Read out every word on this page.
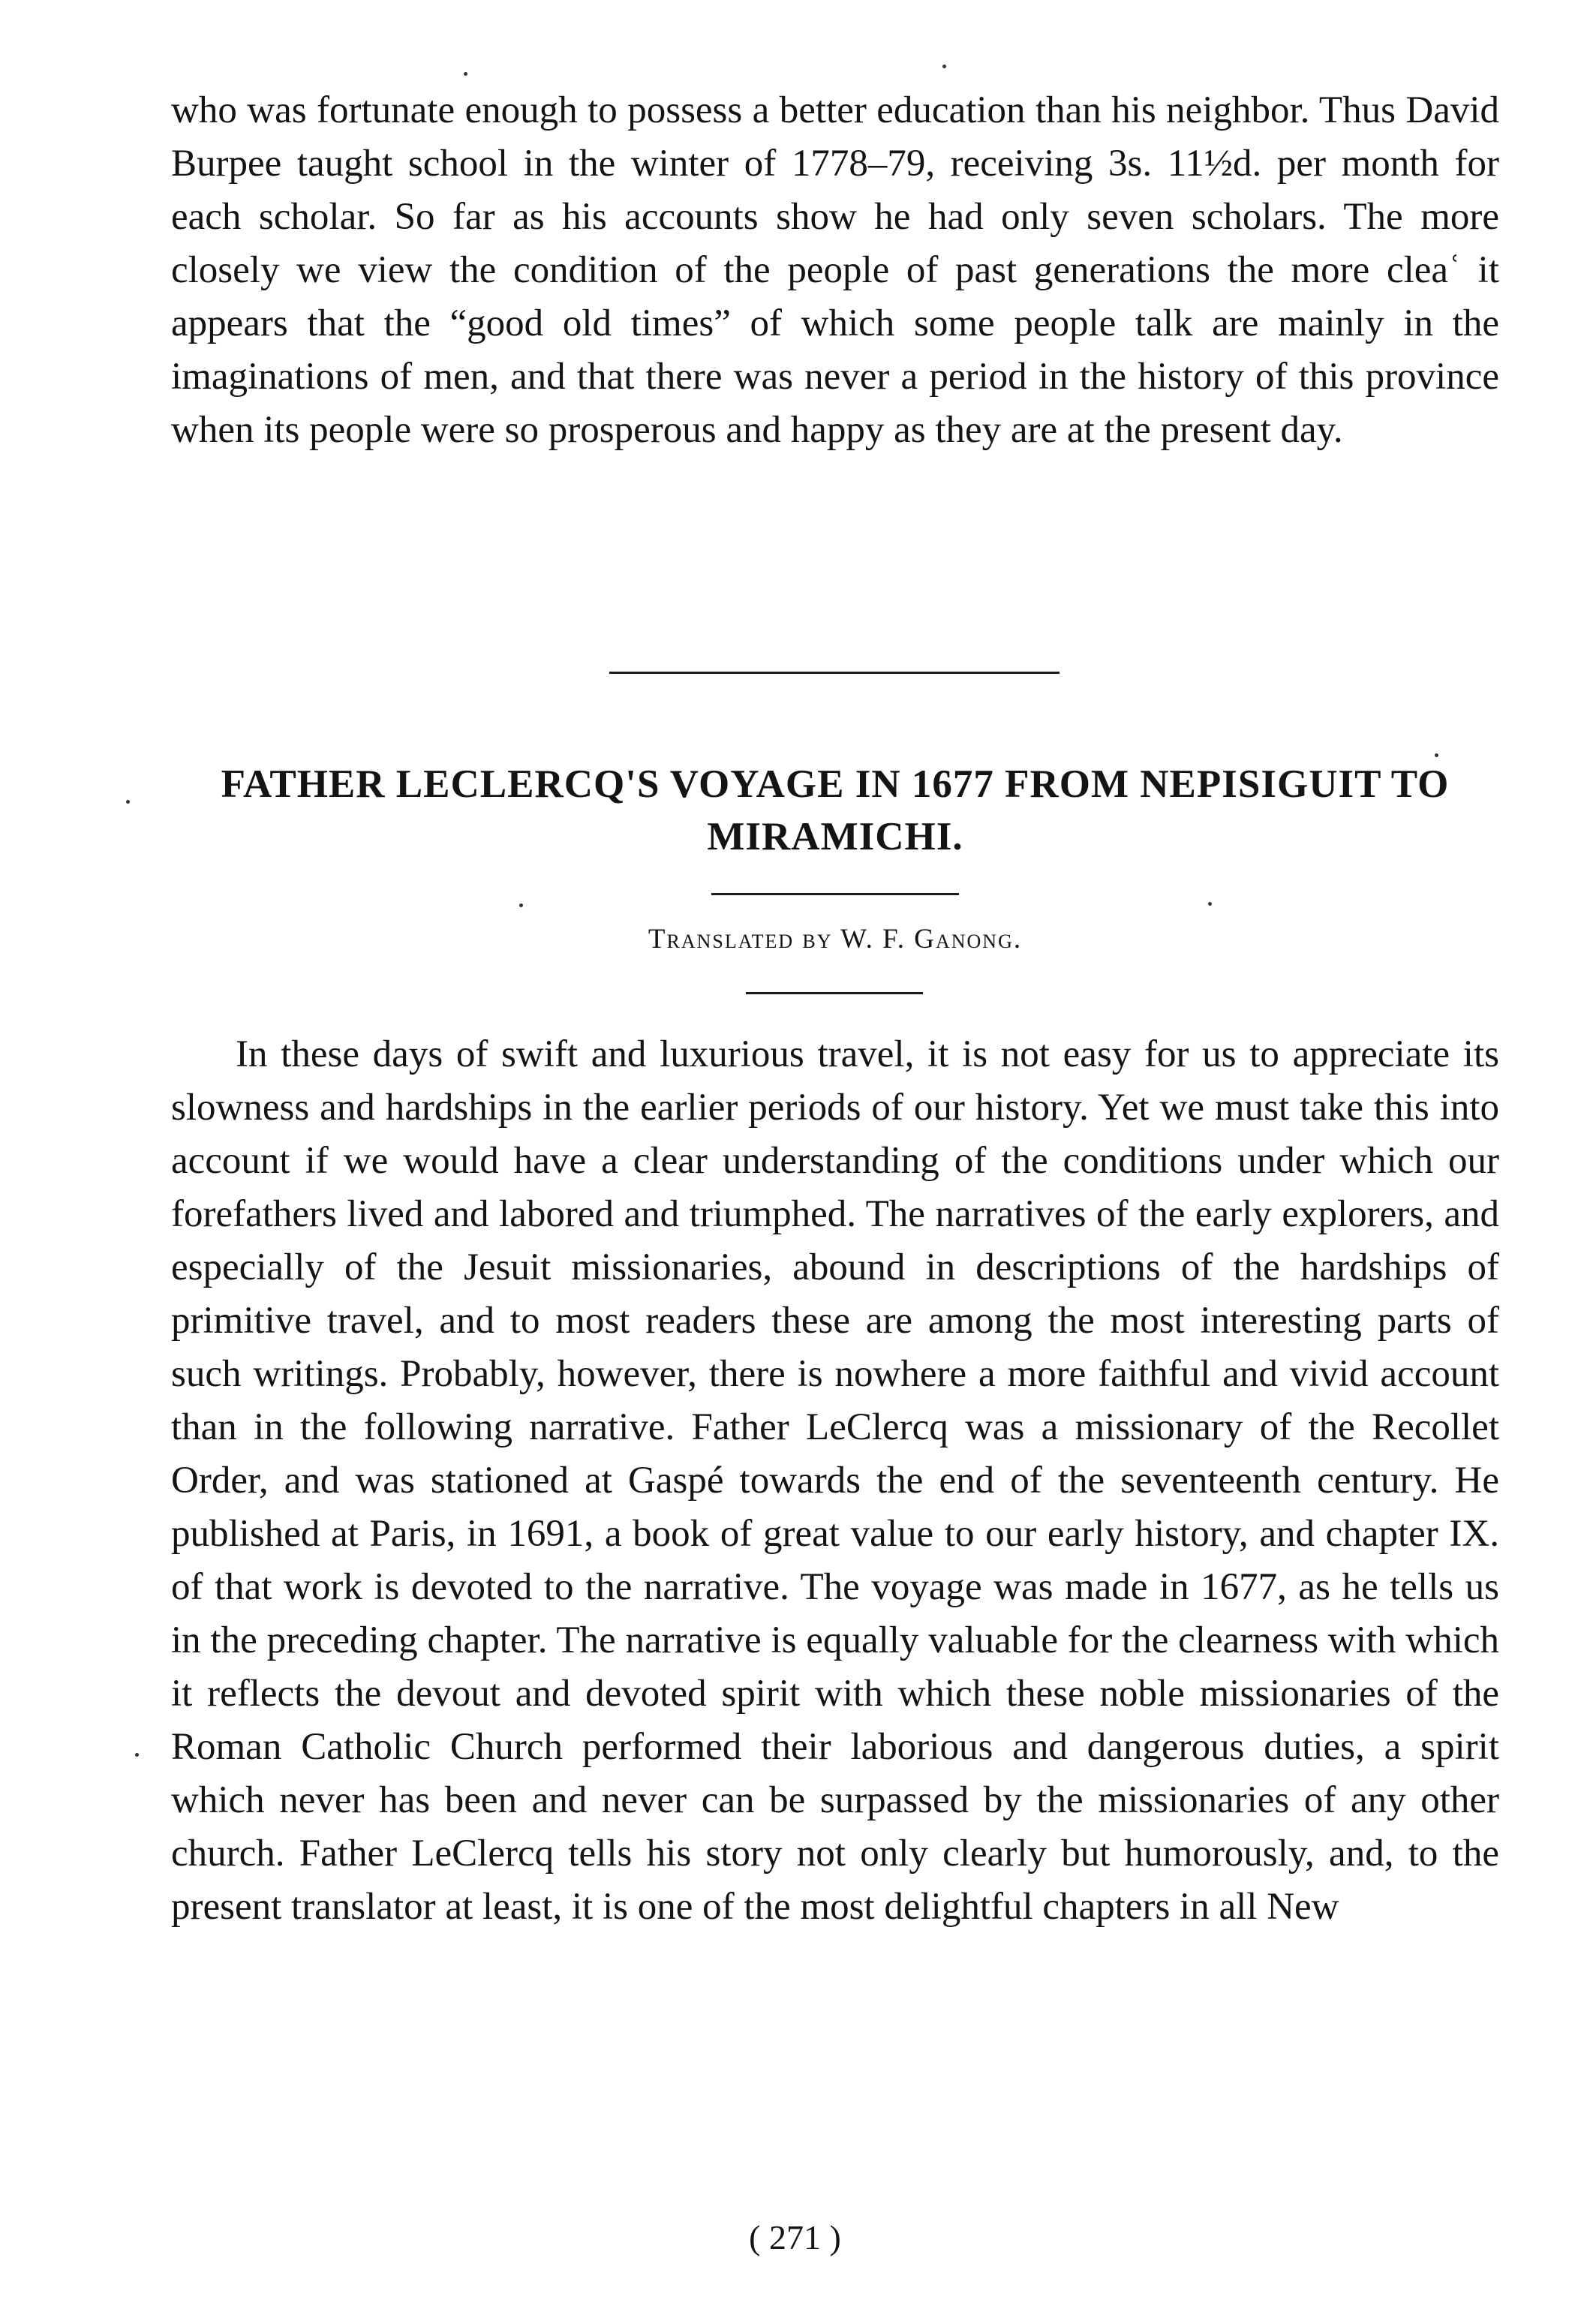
who was fortunate enough to possess a better education than his neighbor. Thus David Burpee taught school in the winter of 1778–79, receiving 3s. 11½d. per month for each scholar. So far as his accounts show he had only seven scholars. The more closely we view the condition of the people of past generations the more cleaʿ it appears that the “good old times” of which some people talk are mainly in the imaginations of men, and that there was never a period in the history of this province when its people were so prosperous and happy as they are at the present day.

FATHER LECLERCQ'S VOYAGE IN 1677 FROM NEPISIGUIT TO MIRAMICHI.

Translated by W. F. Ganong.

In these days of swift and luxurious travel, it is not easy for us to appreciate its slowness and hardships in the earlier periods of our history. Yet we must take this into account if we would have a clear understanding of the conditions under which our forefathers lived and labored and triumphed. The narratives of the early explorers, and especially of the Jesuit missionaries, abound in descriptions of the hardships of primitive travel, and to most readers these are among the most interesting parts of such writings. Probably, however, there is nowhere a more faithful and vivid account than in the following narrative. Father LeClercq was a missionary of the Recollet Order, and was stationed at Gaspé towards the end of the seventeenth century. He published at Paris, in 1691, a book of great value to our early history, and chapter IX. of that work is devoted to the narrative. The voyage was made in 1677, as he tells us in the preceding chapter. The narrative is equally valuable for the clearness with which it reflects the devout and devoted spirit with which these noble missionaries of the Roman Catholic Church performed their laborious and dangerous duties, a spirit which never has been and never can be surpassed by the missionaries of any other church. Father LeClercq tells his story not only clearly but humorously, and, to the present translator at least, it is one of the most delightful chapters in all New

( 271 )
